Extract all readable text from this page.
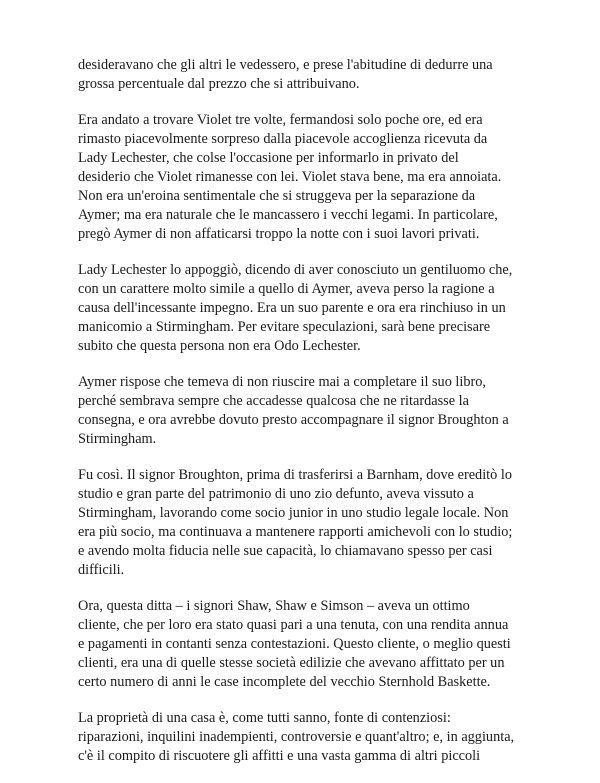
desideravano che gli altri le vedessero, e prese l'abitudine di dedurre una
grossa percentuale dal prezzo che si attribuivano.

Era andato a trovare Violet tre volte, fermandosi solo poche ore, ed era
rimasto piacevolmente sorpreso dalla piacevole accoglienza ricevuta da
Lady Lechester, che colse l'occasione per informarlo in privato del
desiderio che Violet rimanesse con lei. Violet stava bene, ma era annoiata.
Non era un'eroina sentimentale che si struggeva per la separazione da
Aymer; ma era naturale che le mancassero i vecchi legami. In particolare,
pregò Aymer di non affaticarsi troppo la notte con i suoi lavori privati.

Lady Lechester lo appoggiò, dicendo di aver conosciuto un gentiluomo che,
con un carattere molto simile a quello di Aymer, aveva perso la ragione a
causa dell'incessante impegno. Era un suo parente e ora era rinchiuso in un
manicomio a Stirmingham. Per evitare speculazioni, sarà bene precisare
subito che questa persona non era Odo Lechester.

Aymer rispose che temeva di non riuscire mai a completare il suo libro,
perché sembrava sempre che accadesse qualcosa che ne ritardasse la
consegna, e ora avrebbe dovuto presto accompagnare il signor Broughton a
Stirmingham.

Fu così. Il signor Broughton, prima di trasferirsi a Barnham, dove ereditò lo
studio e gran parte del patrimonio di uno zio defunto, aveva vissuto a
Stirmingham, lavorando come socio junior in uno studio legale locale. Non
era più socio, ma continuava a mantenere rapporti amichevoli con lo studio;
e avendo molta fiducia nelle sue capacità, lo chiamavano spesso per casi
difficili.

Ora, questa ditta – i signori Shaw, Shaw e Simson – aveva un ottimo
cliente, che per loro era stato quasi pari a una tenuta, con una rendita annua
e pagamenti in contanti senza contestazioni. Questo cliente, o meglio questi
clienti, era una di quelle stesse società edilizie che avevano affittato per un
certo numero di anni le case incomplete del vecchio Sternhold Baskette.

La proprietà di una casa è, come tutti sanno, fonte di contenziosi:
riparazioni, inquilini inadempienti, controversie e quant'altro; e, in aggiunta,
c'è il compito di riscuotere gli affitti e una vasta gamma di altri piccoli
